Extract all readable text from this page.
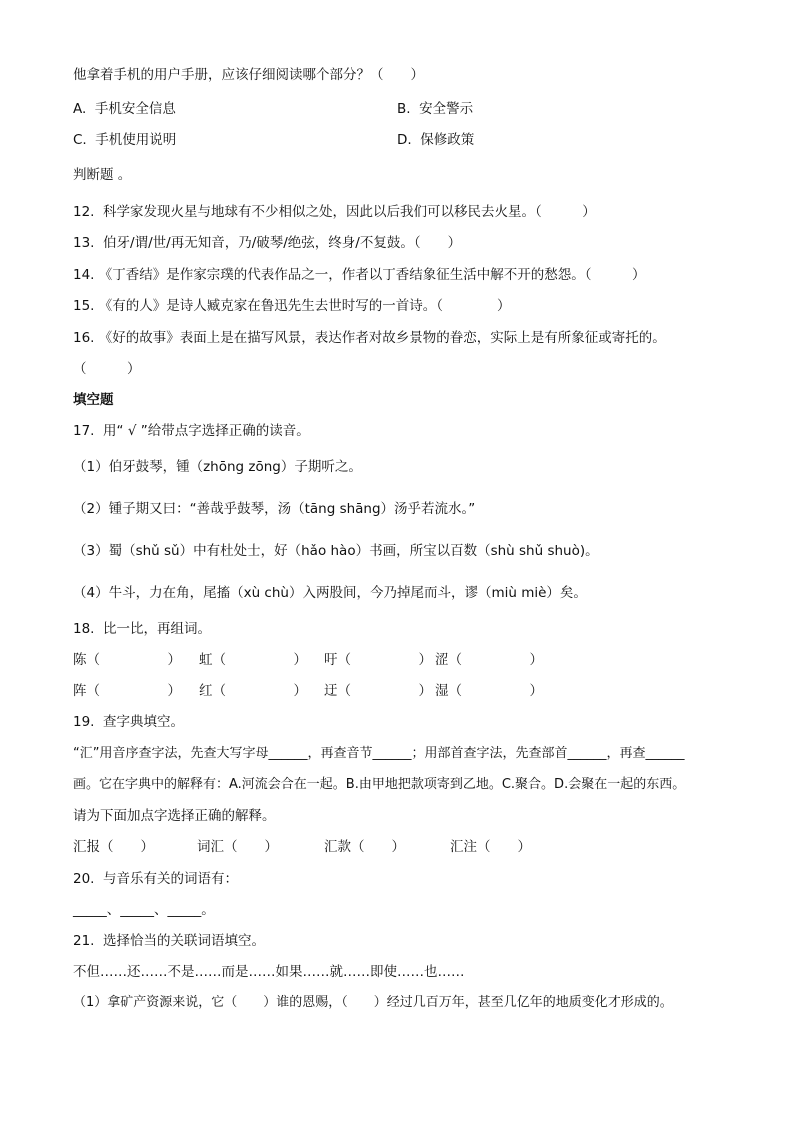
他拿着手机的用户手册，应该仔细阅读哪个部分？（　　）
A.  手机安全信息	B.  安全警示
C.  手机使用说明	D.  保修政策
判断题 。
12.  科学家发现火星与地球有不少相似之处，因此以后我们可以移民去火星。（　　　）
13.  伯牙/谓/世/再无知音，乃/破琴/绝弦，终身/不复鼓。（　　）
14. 《丁香结》是作家宗璞的代表作品之一，作者以丁香结象征生活中解不开的愁怨。（　　　）
15. 《有的人》是诗人臧克家在鲁迅先生去世时写的一首诗。（　　　　）
16. 《好的故事》表面上是在描写风景，表达作者对故乡景物的眷恋，实际上是有所象征或寄托的。
（　　　）
填空题
17.  用“ √ ”给带点字选择正确的读音。
（1）伯牙鼓琴，锺（zhōng zōng）子期听之。
（2）锺子期又曰：“善哉乎鼓琴，汤（tāng shāng）汤乎若流水。”
（3）蜀（shǔ sǔ）中有杜处士，好（hǎo hào）书画，所宝以百数（shù shǔ shuò)。
（4）牛斗，力在角，尾搐（xù chù）入两股间，今乃掉尾而斗，谬（miù miè）矣。
18.  比一比，再组词。
陈（　　　　　） 虹（　　　　　） 吁（　　　　　） 涩（　　　　　）
阵（　　　　　） 红（　　　　　） 迂（　　　　　） 湿（　　　　　）
19.  查字典填空。
“汇”用音序查字法，先查大写字母______，再查音节______；用部首查字法，先查部首______，再查______
画。它在字典中的解释有：A.河流会合在一起。B.由甲地把款项寄到乙地。C.聚合。D.会聚在一起的东西。
请为下面加点字选择正确的解释。
汇报（　　）	词汇（　　）	汇款（　　）	汇注（　　）
20.  与音乐有关的词语有：
_____、_____、_____。
21.  选择恰当的关联词语填空。
不但……还……不是……而是……如果……就……即使……也……
（1）拿矿产资源来说，它（　　）谁的恩赐，（　　）经过几百万年，甚至几亿年的地质变化才形成的。
